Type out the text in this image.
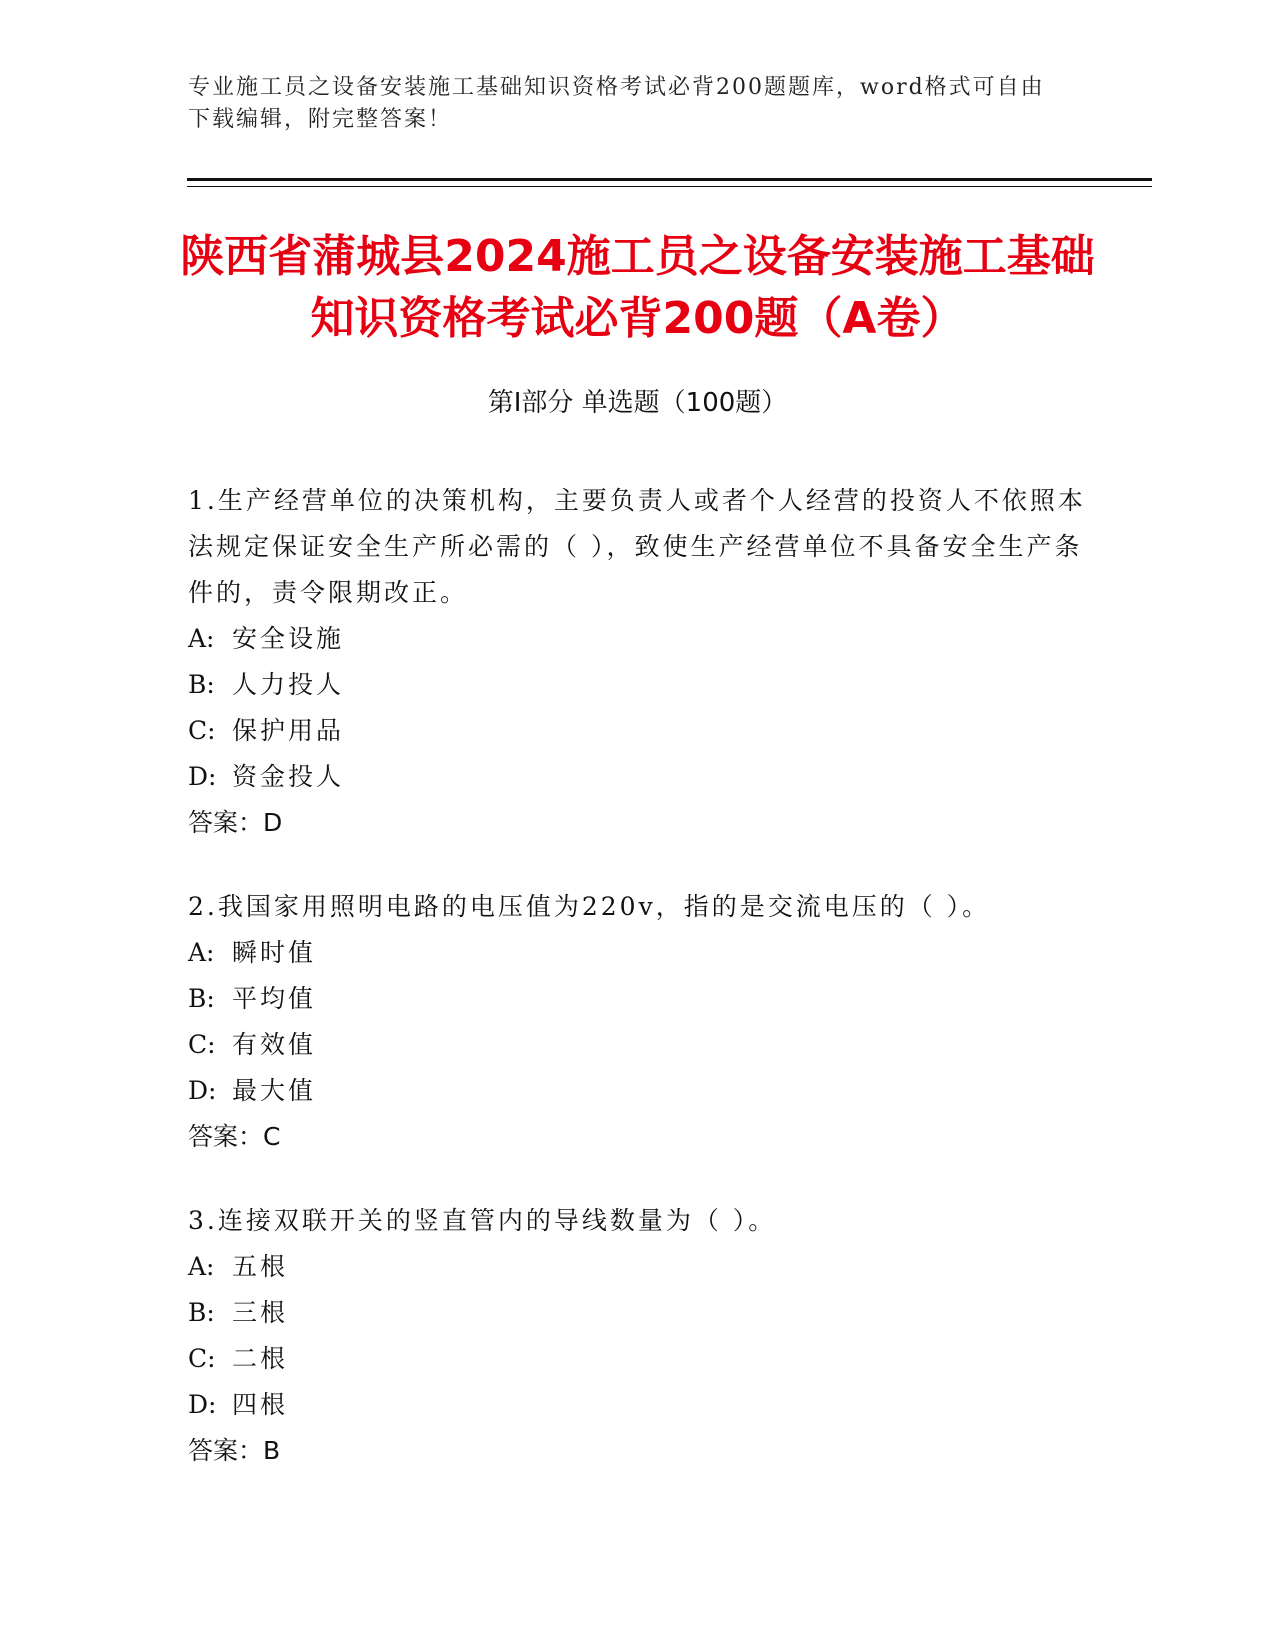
专业施工员之设备安装施工基础知识资格考试必背200题题库，word格式可自由下载编辑，附完整答案！
陕西省蒲城县2024施工员之设备安装施工基础知识资格考试必背200题（A卷）
第Ⅰ部分 单选题（100题）

1.生产经营单位的决策机构，主要负责人或者个人经营的投资人不依照本法规定保证安全生产所必需的（ ），致使生产经营单位不具备安全生产条件的，责令限期改正。

A: 安全设施

B: 人力投人

C: 保护用品

D: 资金投人

答案：D

2.我国家用照明电路的电压值为220v，指的是交流电压的（ ）。

A: 瞬时值

B: 平均值

C: 有效值

D: 最大值

答案：C

3.连接双联开关的竖直管内的导线数量为（ ）。

A: 五根

B: 三根

C: 二根

D: 四根

答案：B
